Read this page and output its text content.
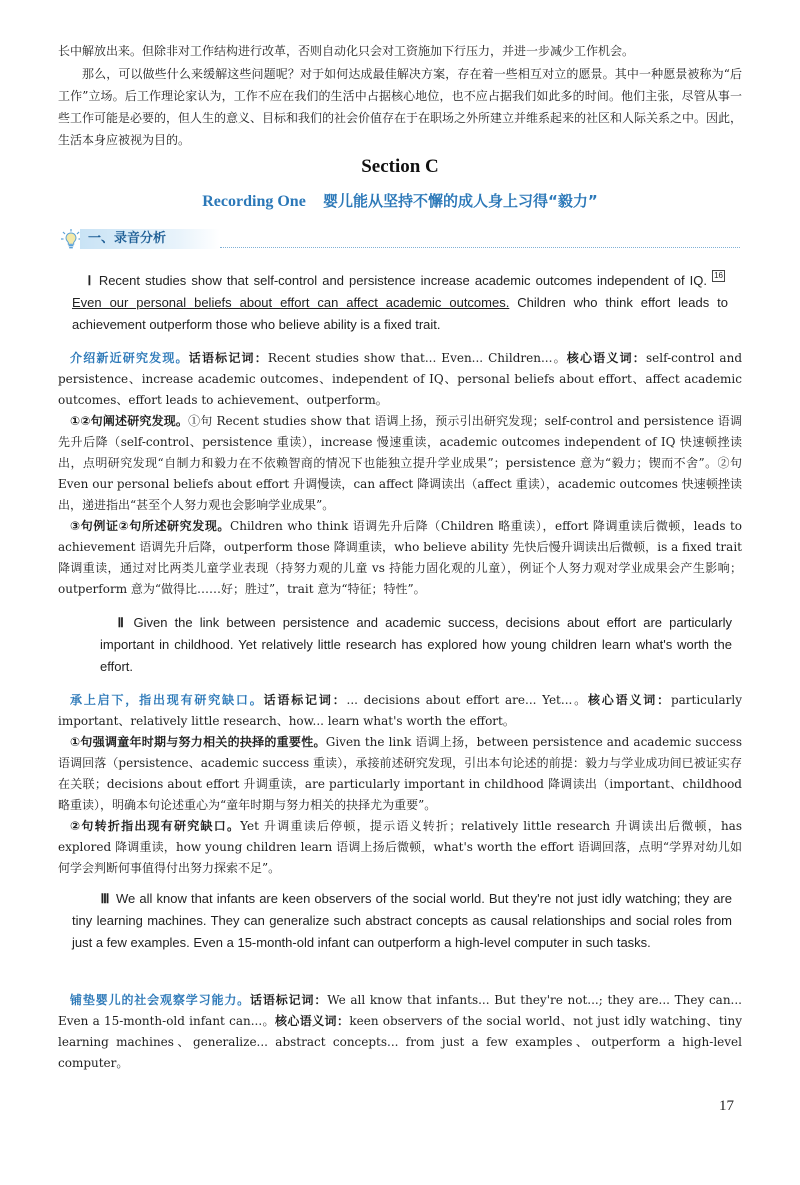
长中解放出来。但除非对工作结构进行改革，否则自动化只会对工资施加下行压力，并进一步减少工作机会。

那么，可以做些什么来缓解这些问题呢？对于如何达成最佳解决方案，存在着一些相互对立的愿景。其中一种愿景被称为“后工作”立场。后工作理论家认为，工作不应在我们的生活中占据核心地位，也不应占据我们如此多的时间。他们主张，尽管从事一些工作可能是必要的，但人生的意义、目标和我们的社会价值存在于在职场之外所建立并维系起来的社区和人际关系之中。因此，生活本身应被视为目的。

Section C
Recording One 婴儿能从坚持不懈的成人身上习得“毅力”
一、录音分析
Ⅰ Recent studies show that self-control and persistence increase academic outcomes independent of IQ. 16Even our personal beliefs about effort can affect academic outcomes. Children who think effort leads to achievement outperform those who believe ability is a fixed trait.
介绍新近研究发现。话语标记词：Recent studies show that... Even... Children...。核心语义词：self-control and persistence、increase academic outcomes、independent of IQ、personal beliefs about effort、affect academic outcomes、effort leads to achievement、outperform。
①②句阐述研究发现。①句 Recent studies show that 语调上扬，预示引出研究发现；self-control and persistence 语调先升后降（self-control、persistence 重读），increase 慢速重读，academic outcomes independent of IQ 快速顿挫读出，点明研究发现“自制力和毅力在不依赖智商的情况下也能独立提升学业成果”；persistence 意为“毅力；锲而不舍”。②句 Even our personal beliefs about effort 升调慢读，can affect 降调读出（affect 重读），academic outcomes 快速顿挫读出，递进指出“甚至个人努力观也会影响学业成果”。
③句例证②句所述研究发现。Children who think 语调先升后降（Children 略重读），effort 降调重读后微顿，leads to achievement 语调先升后降，outperform those 降调重读，who believe ability 先快后慢升调读出后微顿，is a fixed trait 降调重读，通过对比两类儿童学业表现（持努力观的儿童 vs 持能力固化观的儿童），例证个人努力观对学业成果会产生影响；outperform 意为“做得比……好；胜过”，trait 意为“特征；特性”。
Ⅱ Given the link between persistence and academic success, decisions about effort are particularly important in childhood. Yet relatively little research has explored how young children learn what's worth the effort.
承上启下，指出现有研究缺口。话语标记词：... decisions about effort are... Yet...。核心语义词：particularly important、relatively little research、how... learn what's worth the effort。
①句强调童年时期与努力相关的抉择的重要性。Given the link 语调上扬，between persistence and academic success 语调回落（persistence、academic success 重读），承接前述研究发现，引出本句论述的前提：毅力与学业成功间已被证实存在关联；decisions about effort 升调重读，are particularly important in childhood 降调读出（important、childhood 略重读），明确本句论述重心为“童年时期与努力相关的抉择尤为重要”。
②句转折指出现有研究缺口。Yet 升调重读后停顿，提示语义转折；relatively little research 升调读出后微顿，has explored 降调重读，how young children learn 语调上扬后微顿，what's worth the effort 语调回落，点明“学界对幼儿如何学会判断何事值得付出努力探索不足”。
Ⅲ We all know that infants are keen observers of the social world. But they're not just idly watching; they are tiny learning machines. They can generalize such abstract concepts as causal relationships and social roles from just a few examples. Even a 15-month-old infant can outperform a high-level computer in such tasks.
铺垫婴儿的社会观察学习能力。话语标记词：We all know that infants... But they're not...; they are... They can... Even a 15-month-old infant can...。核心语义词：keen observers of the social world、not just idly watching、tiny learning machines、generalize... abstract concepts... from just a few examples、outperform a high-level computer。
17
